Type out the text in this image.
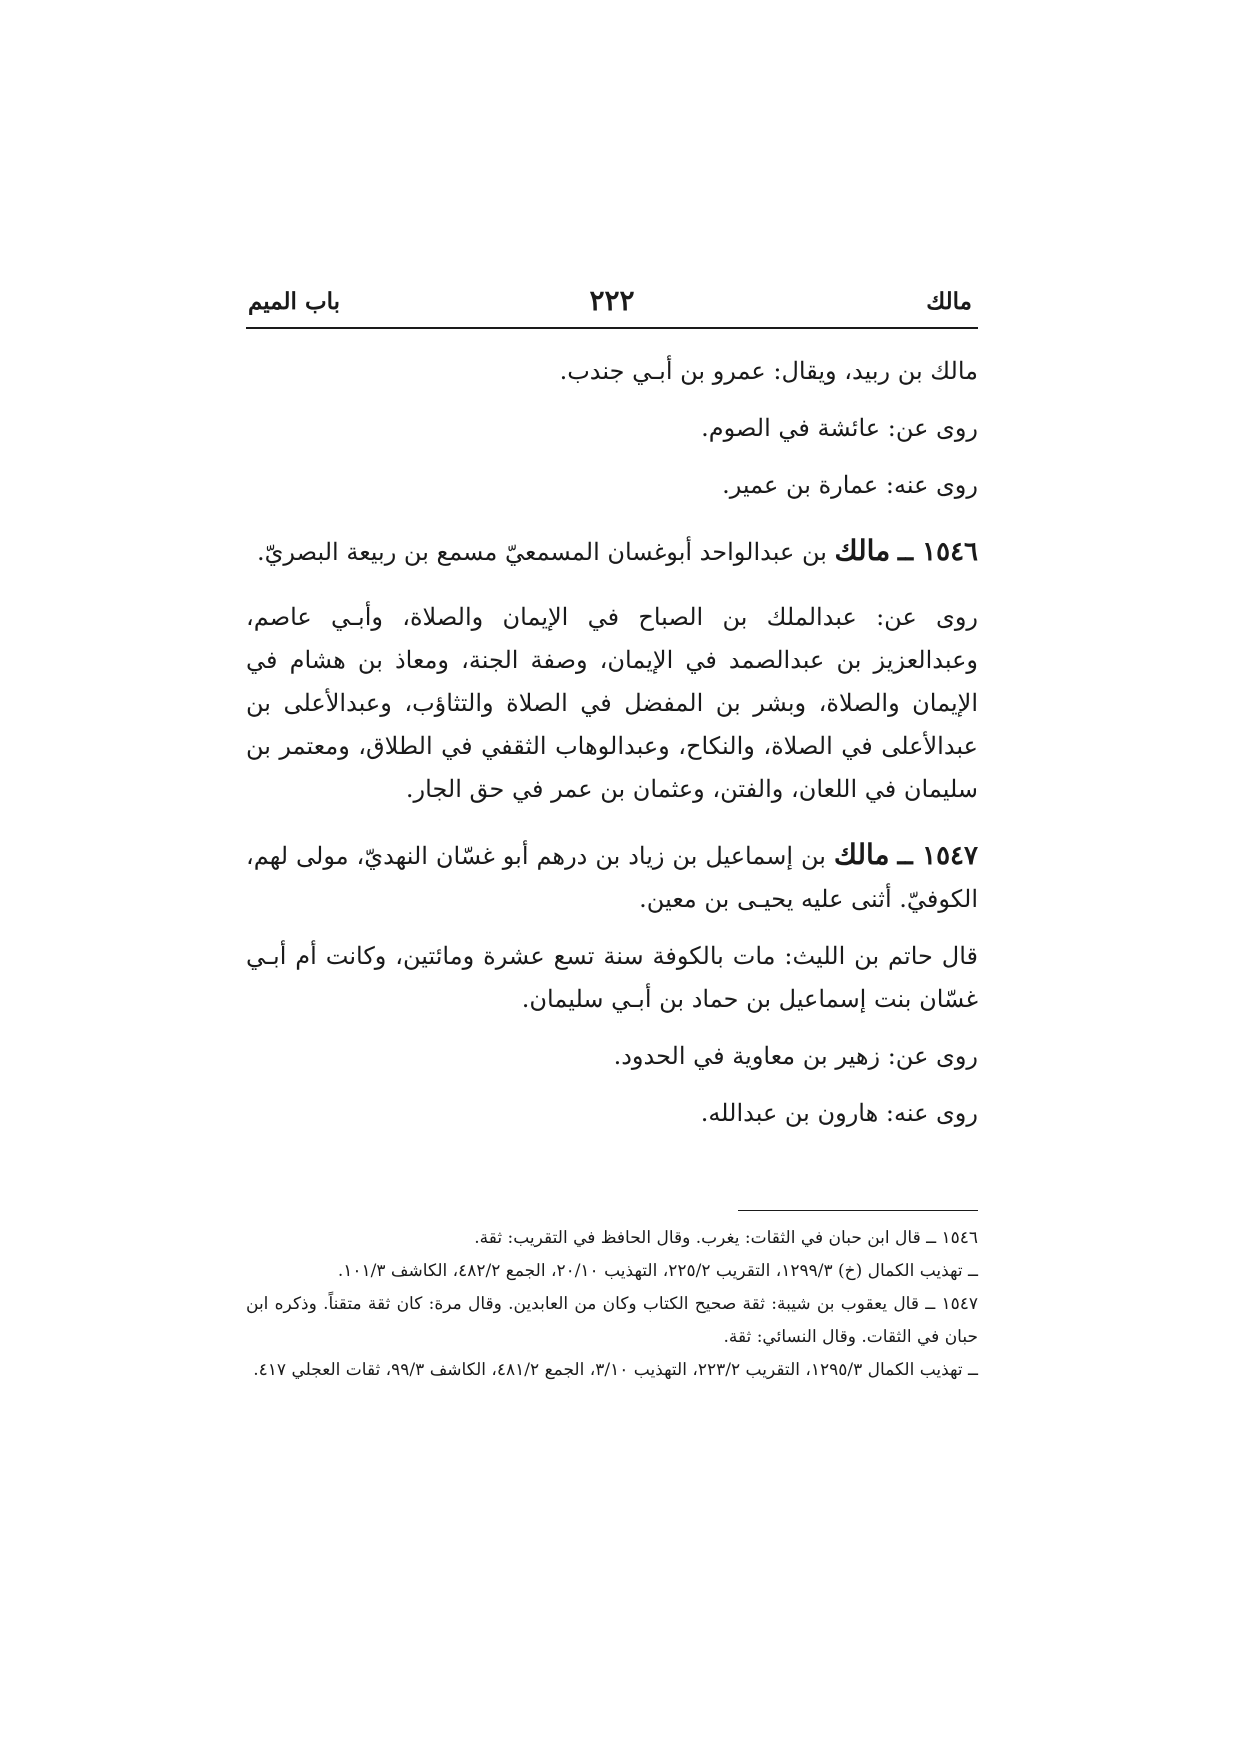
مالك
٢٢٢
باب الميم

مالك بن ربيد، ويقال: عمرو بن أبـي جندب.

روى عن: عائشة في الصوم.

روى عنه: عمارة بن عمير.

١٥٤٦ ــ مالك بن عبدالواحد أبوغسان المسمعيّ مسمع بن ربيعة البصريّ.

روى عن: عبدالملك بن الصباح في الإيمان والصلاة، وأبـي عاصم، وعبدالعزيز بن عبدالصمد في الإيمان، وصفة الجنة، ومعاذ بن هشام في الإيمان والصلاة، وبشر بن المفضل في الصلاة والتثاؤب، وعبدالأعلى بن عبدالأعلى في الصلاة، والنكاح، وعبدالوهاب الثقفي في الطلاق، ومعتمر بن سليمان في اللعان، والفتن، وعثمان بن عمر في حق الجار.

١٥٤٧ ــ مالك بن إسماعيل بن زياد بن درهم أبو غسّان النهديّ، مولى لهم، الكوفيّ. أثنى عليه يحيـى بن معين.

قال حاتم بن الليث: مات بالكوفة سنة تسع عشرة ومائتين، وكانت أم أبـي غسّان بنت إسماعيل بن حماد بن أبـي سليمان.

روى عن: زهير بن معاوية في الحدود.

روى عنه: هارون بن عبدالله.

١٥٤٦ ــ قال ابن حبان في الثقات: يغرب. وقال الحافظ في التقريب: ثقة.

ــ تهذيب الكمال (خ) ١٢٩٩/٣، التقريب ٢٢٥/٢، التهذيب ٢٠/١٠، الجمع ٤٨٢/٢، الكاشف ١٠١/٣.

١٥٤٧ ــ قال يعقوب بن شيبة: ثقة صحيح الكتاب وكان من العابدين. وقال مرة: كان ثقة متقناً. وذكره ابن حبان في الثقات. وقال النسائي: ثقة.

ــ تهذيب الكمال ١٢٩٥/٣، التقريب ٢٢٣/٢، التهذيب ٣/١٠، الجمع ٤٨١/٢، الكاشف ٩٩/٣، ثقات العجلي ٤١٧.
